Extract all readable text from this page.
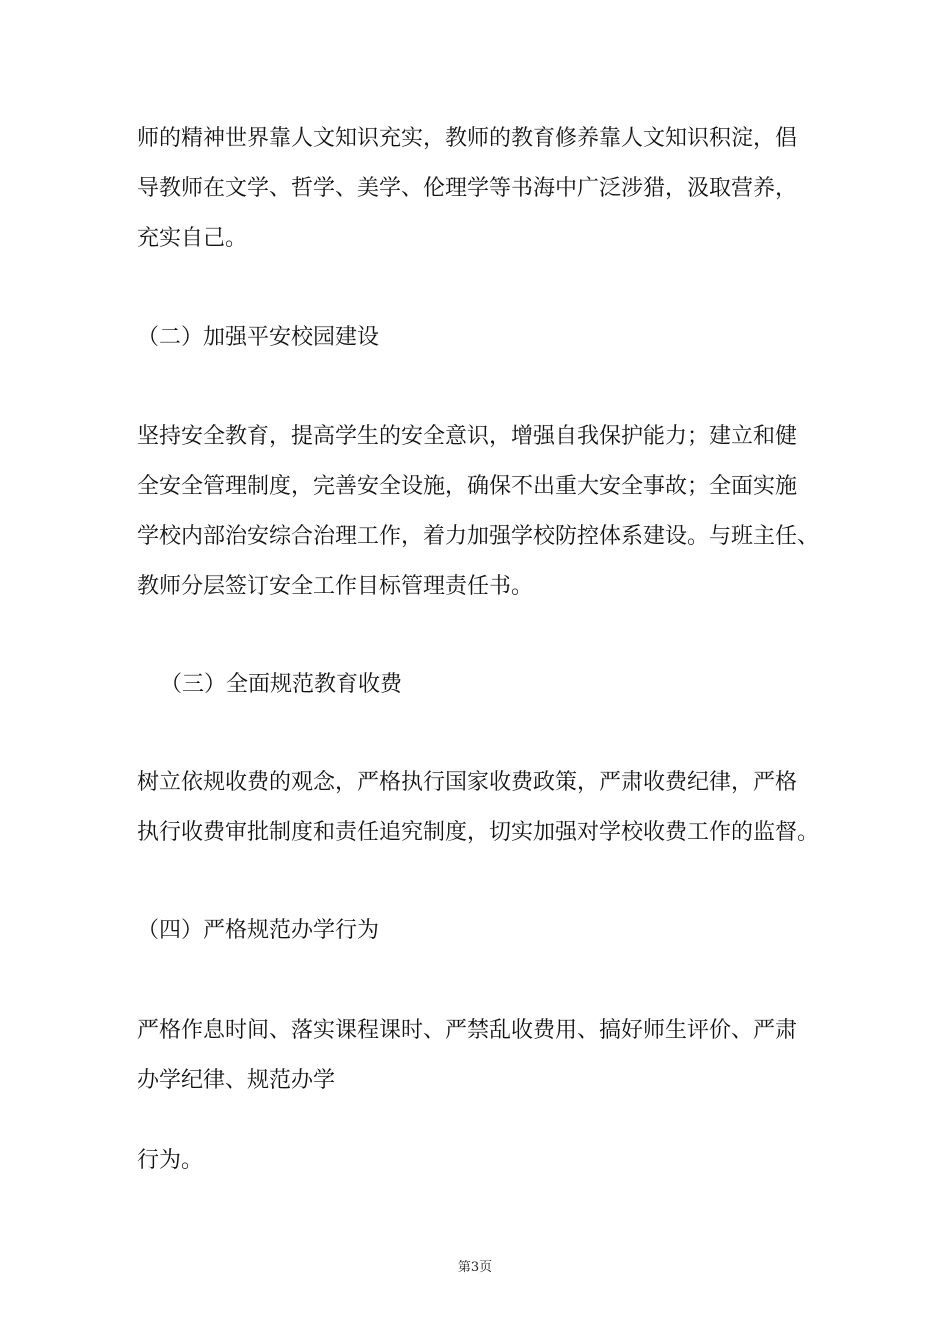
师的精神世界靠人文知识充实，教师的教育修养靠人文知识积淀，倡
导教师在文学、哲学、美学、伦理学等书海中广泛涉猎，汲取营养，
充实自己。
（二）加强平安校园建设
坚持安全教育，提高学生的安全意识，增强自我保护能力；建立和健
全安全管理制度，完善安全设施，确保不出重大安全事故；全面实施
学校内部治安综合治理工作，着力加强学校防控体系建设。与班主任、
教师分层签订安全工作目标管理责任书。
（三）全面规范教育收费
树立依规收费的观念，严格执行国家收费政策，严肃收费纪律，严格
执行收费审批制度和责任追究制度，切实加强对学校收费工作的监督。
（四）严格规范办学行为
严格作息时间、落实课程课时、严禁乱收费用、搞好师生评价、严肃
办学纪律、规范办学
行为。
第3页
